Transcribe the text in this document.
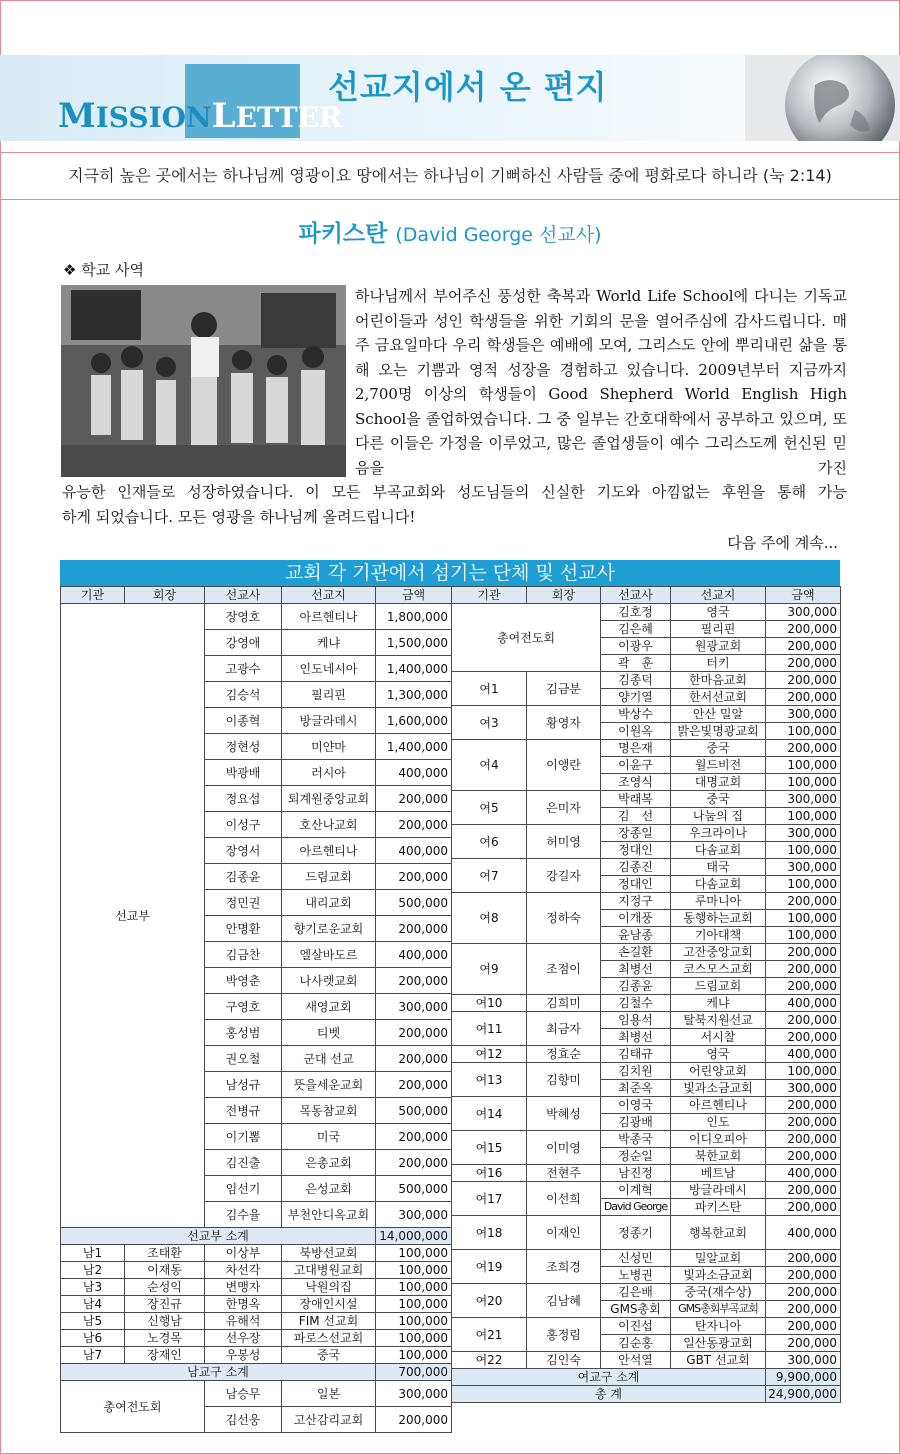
MISSIONLETTER
선교지에서 온 편지
지극히 높은 곳에서는 하나님께 영광이요 땅에서는 하나님이 기뻐하신 사람들 중에 평화로다 하니라 (눅 2:14)
파키스탄 (David George 선교사)
❖ 학교 사역
하나님께서 부어주신 풍성한 축복과 World Life School에 다니는 기독교 어린이들과 성인 학생들을 위한 기회의 문을 열어주심에 감사드립니다. 매주 금요일마다 우리 학생들은 예배에 모여, 그리스도 안에 뿌리내린 삶을 통해 오는 기쁨과 영적 성장을 경험하고 있습니다. 2009년부터 지금까지 2,700명 이상의 학생들이 Good Shepherd World English High School을 졸업하였습니다. 그 중 일부는 간호대학에서 공부하고 있으며, 또 다른 이들은 가정을 이루었고, 많은 졸업생들이 예수 그리스도께 헌신된 믿음을 가진
유능한 인재들로 성장하였습니다. 이 모든 부곡교회와 성도님들의 신실한 기도와 아낌없는 후원을 통해 가능
하게 되었습니다. 모든 영광을 하나님께 올려드립니다!
다음 주에 계속...
교회 각 기관에서 섬기는 단체 및 선교사
기관	회장	선교사	선교지	금액
선교부		장영호	아르헨티나	1,800,000
		강영애	케냐	1,500,000
		고광수	인도네시아	1,400,000
		김승석	필리핀	1,300,000
		이종혁	방글라데시	1,600,000
		정현성	미얀마	1,400,000
		박광배	러시아	400,000
		정요섭	퇴계원중앙교회	200,000
		이성구	호산나교회	200,000
		장영서	아르헨티나	400,000
		김종윤	드림교회	200,000
		정민권	내리교회	500,000
		안명환	향기로운교회	200,000
		김금찬	엘살바도르	400,000
		박영춘	나사렛교회	200,000
		구영호	새영교회	300,000
		홍성범	티벳	200,000
		권오철	군대 선교	200,000
		남성규	뜻을세운교회	200,000
		전병규	목동참교회	500,000
		이기뽐	미국	200,000
		김진출	은총교회	200,000
		임선기	은성교회	500,000
		김수율	부천안디옥교회	300,000
선교부 소계				14,000,000
남1	조태환	이상부	북방선교회	100,000
남2	이재동	차선각	고대병원교회	100,000
남3	순성익	변맹자	낙원의집	100,000
남4	장진규	한명옥	장애인시설	100,000
남5	신행남	유해석	FIM 선교회	100,000
남6	노경목	선우장	파로스선교회	100,000
남7	장재인	우봉성	중국	100,000
남교구 소계				700,000
총여전도회		남승무	일본	300,000
		김선웅	고산감리교회	200,000
기관	회장	선교사	선교지	금액
총여전도회		김호정	영국	300,000
		김은혜	필리핀	200,000
		이광우	원광교회	200,000
		곽　훈	터키	200,000
여1	김금분	김종덕	한마음교회	200,000
		양기열	한서선교회	200,000
여3	황영자	박상수	안산 밀알	300,000
		이원옥	밝은빛명광교회	100,000
여4	이앵란	명은재	중국	200,000
		이윤구	월드비전	100,000
		조영식	대명교회	100,000
여5	은미자	박래복	중국	300,000
		김　선	나눔의 집	100,000
여6	허미영	장종일	우크라이나	300,000
		정대인	다솜교회	100,000
여7	강길자	김종진	태국	300,000
		정대인	다솜교회	100,000
여8	정하숙	지정구	루마니아	200,000
		이개풍	동행하는교회	100,000
		윤남종	기아대책	100,000
여9	조점이	손길환	고잔중앙교회	200,000
		최병선	코스모스교회	200,000
		김종윤	드림교회	200,000
여10	김희미	김철수	케냐	400,000
여11	최금자	임용석	탈북지원선교	200,000
		최병선	서시찰	200,000
여12	정효순	김태규	영국	400,000
여13	김향미	김치원	어린양교회	100,000
		최준옥	빛과소금교회	300,000
여14	박혜성	이영국	아르헨티나	200,000
		김광배	인도	200,000
여15	이미영	박종국	이디오피아	200,000
		정순일	북한교회	200,000
여16	전현주	남진정	베트남	400,000
여17	이선희	이계혁	방글라데시	200,000
		David George	파키스탄	200,000
여18	이재인	정종기	행복한교회	400,000
여19	조희경	신성민	밀알교회	200,000
		노병권	빛과소금교회	200,000
여20	김남혜	김은배	중국(재수상)	200,000
		GMS총회	GMS총회부곡교회	200,000
여21	홍정림	이진섭	탄자니아	200,000
		김순홍	일산동광교회	200,000
여22	김인숙	안석열	GBT 선교회	300,000
여교구 소계				9,900,000
총 계				24,900,000
